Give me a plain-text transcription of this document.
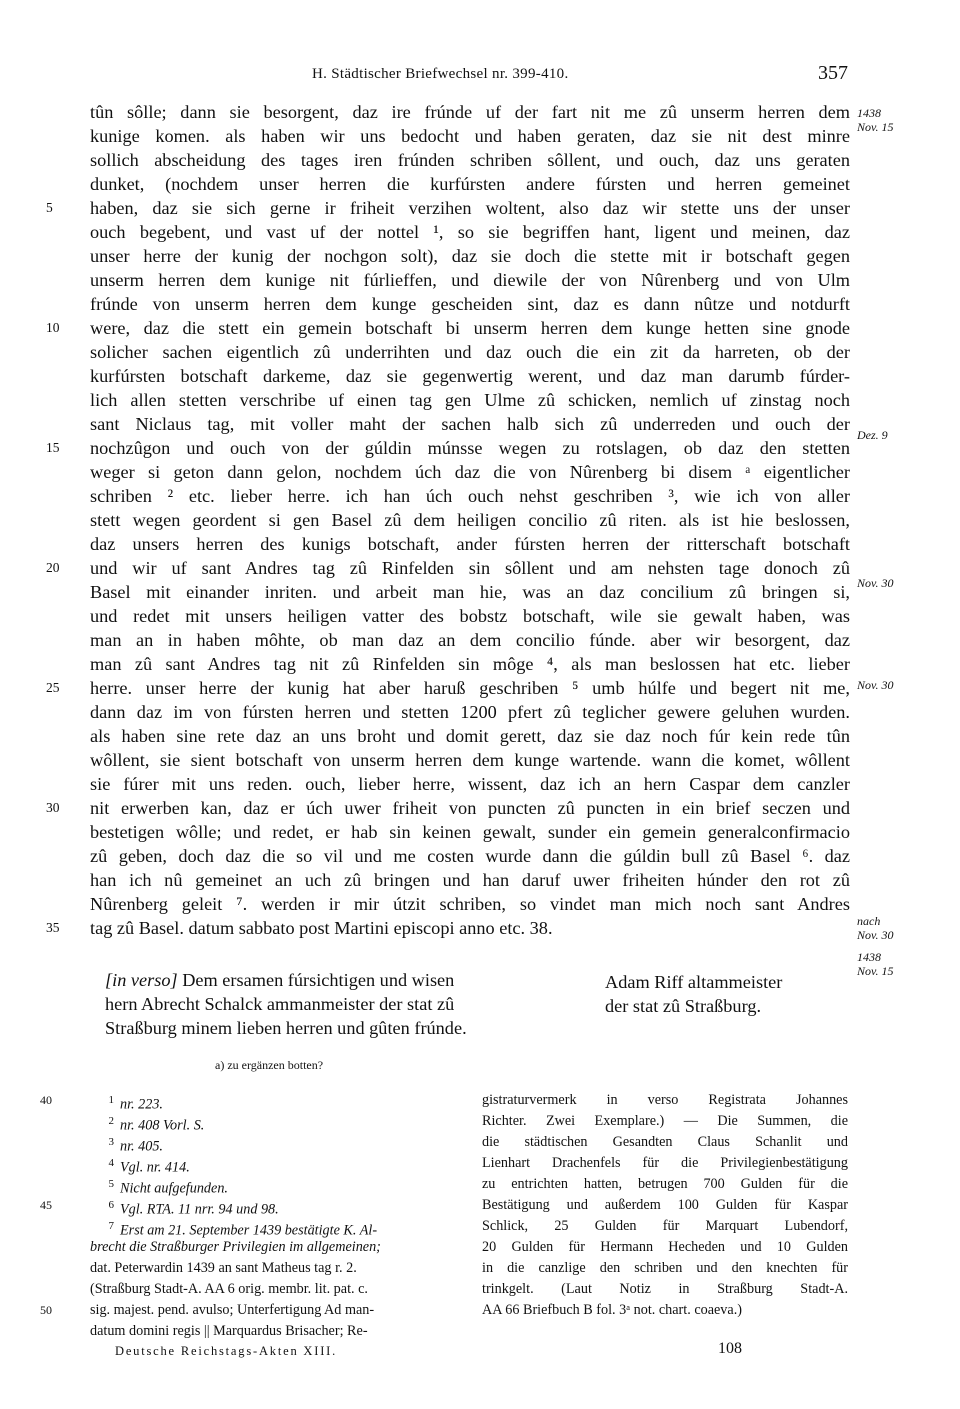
H. Städtischer Briefwechsel nr. 399-410.	357
tûn sôlle; dann sie besorgent, daz ire frúnde uf der fart nit me zû unserm herren dem
kunige komen. als haben wir uns bedocht und haben geraten, daz sie nit dest minre
sollich abscheidung des tages iren frúnden schriben sôllent, und ouch, daz uns geraten
dunket, (nochdem unser herren die kurfúrsten andere fúrsten und herren gemeinet
haben, daz sie sich gerne ir friheit verzihen woltent, also daz wir stette uns der unser
ouch begebent, und vast uf der nottel ¹, so sie begriffen hant, ligent und meinen, daz
unser herre der kunig der nochgon solt), daz sie doch die stette mit ir botschaft gegen
unserm herren dem kunige nit fúrlieffen, und diewile der von Nûrenberg und von Ulm
frúnde von unserm herren dem kunge gescheiden sint, daz es dann nûtze und notdurft
were, daz die stett ein gemein botschaft bi unserm herren dem kunge hetten sine gnode
solicher sachen eigentlich zû underrihten und daz ouch die ein zit da harreten, ob der
kurfúrsten botschaft darkeme, daz sie gegenwertig werent, und daz man darumb fúrder-
lich allen stetten verschribe uf einen tag gen Ulme zû schicken, nemlich uf zinstag noch
sant Niclaus tag, mit voller maht der sachen halb sich zû underreden und ouch der
nochzûgon und ouch von der gúldin múnsse wegen zu rotslagen, ob daz den stetten
weger si geton dann gelon, nochdem úch daz die von Nûrenberg bi disem ᵃ eigentlicher
schriben ² etc. lieber herre. ich han úch ouch nehst geschriben ³, wie ich von aller
stett wegen geordent si gen Basel zû dem heiligen concilio zû riten. als ist hie beslossen,
daz unsers herren des kunigs botschaft, ander fúrsten herren der ritterschaft botschaft
und wir uf sant Andres tag zû Rinfelden sin sôllent und am nehsten tage donoch zû
Basel mit einander inriten. und arbeit man hie, was an daz concilium zû bringen si,
und redet mit unsers heiligen vatter des bobstz botschaft, wile sie gewalt haben, was
man an in haben môhte, ob man daz an dem concilio fúnde. aber wir besorgent, daz
man zû sant Andres tag nit zû Rinfelden sin môge ⁴, als man beslossen hat etc. lieber
herre. unser herre der kunig hat aber haruß geschriben ⁵ umb húlfe und begert nit me,
dann daz im von fúrsten herren und stetten 1200 pfert zû teglicher gewere geluhen wurden.
als haben sine rete daz an uns broht und domit gerett, daz sie daz noch fúr kein rede tûn
wôllent, sie sient botschaft von unserm herren dem kunge wartende. wann die komet, wôllent
sie fúrer mit uns reden. ouch, lieber herre, wissent, daz ich an hern Caspar dem canzler
nit erwerben kan, daz er úch uwer friheit von puncten zû puncten in ein brief seczen und
bestetigen wôlle; und redet, er hab sin keinen gewalt, sunder ein gemein generalconfirmacio
zû geben, doch daz die so vil und me costen wurde dann die gúldin bull zû Basel ⁶. daz
han ich nû gemeinet an uch zû bringen und han daruf uwer friheiten húnder den rot zû
Nûrenberg geleit ⁷. werden ir mir útzit schriben, so vindet man mich noch sant Andres
tag zû Basel. datum sabbato post Martini episcopi anno etc. 38.
5
10
15
20
25
30
35
1438
Nov. 15
Dez. 9
Nov. 30
Nov. 30
nach
Nov. 30
1438
Nov. 15
[in verso] Dem ersamen fúrsichtigen und wisen
hern Abrecht Schalck ammanmeister der stat zû
Straßburg minem lieben herren und gûten frúnde.
Adam Riff altammeister
der stat zû Straßburg.
a) zu ergänzen botten?
1 nr. 223.
2 nr. 408 Vorl. S.
3 nr. 405.
4 Vgl. nr. 414.
5 Nicht aufgefunden.
6 Vgl. RTA. 11 nrr. 94 und 98.
7 Erst am 21. September 1439 bestätigte K. Al-
brecht die Straßburger Privilegien im allgemeinen;
dat. Peterwardin 1439 an sant Matheus tag r. 2.
(Straßburg Stadt-A. AA 6 orig. membr. lit. pat. c.
sig. majest. pend. avulso; Unterfertigung Ad man-
datum domini regis || Marquardus Brisacher; Re-
gistraturvermerk in verso Registrata Johannes
Richter. Zwei Exemplare.) — Die Summen, die
die städtischen Gesandten Claus Schanlit und
Lienhart Drachenfels für die Privilegienbestätigung
zu entrichten hatten, betrugen 700 Gulden für die
Bestätigung und außerdem 100 Gulden für Kaspar
Schlick, 25 Gulden für Marquart Lubendorf,
20 Gulden für Hermann Hecheden und 10 Gulden
in die canzlige den schriben und den knechten für
trinkgelt. (Laut Notiz in Straßburg Stadt-A.
AA 66 Briefbuch B fol. 3ᵃ not. chart. coaeva.)
40
45
50
Deutsche Reichstags-Akten XIII.	108
